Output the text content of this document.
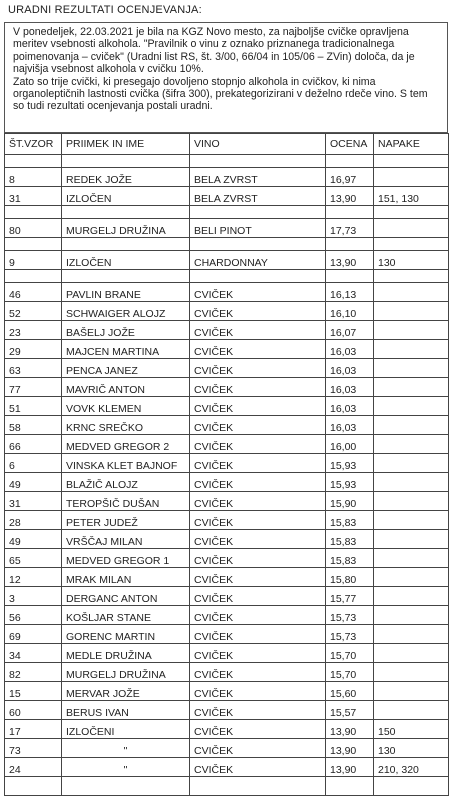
URADNI REZULTATI OCENJEVANJA:
V ponedeljek, 22.03.2021 je bila na KGZ Novo mesto, za najboljše cvičke opravljena meritev vsebnosti alkohola. "Pravilnik o vinu z oznako priznanega tradicionalnega poimenovanja – cviček" (Uradni list RS, št. 3/00, 66/04 in 105/06 – ZVin) določa, da je najvišja vsebnost alkohola v cvičku 10%.
Zato so trije cvički, ki presegajo dovoljeno stopnjo alkohola in cvičkov, ki nima organoleptičnih lastnosti cvička (šifra 300), prekategorizirani v deželno rdeče vino. S tem so tudi rezultati ocenjevanja postali uradni.
ŠT.VZOR	PRIIMEK IN IME	VINO	OCENA	NAPAKE

8	REDEK JOŽE	BELA ZVRST	16,97	
31	IZLOČEN	BELA ZVRST	13,90	151, 130

80	MURGELJ DRUŽINA	BELI PINOT	17,73	

9	IZLOČEN	CHARDONNAY	13,90	130

46	PAVLIN BRANE	CVIČEK	16,13	
52	SCHWAIGER ALOJZ	CVIČEK	16,10	
23	BAŠELJ JOŽE	CVIČEK	16,07	
29	MAJCEN MARTINA	CVIČEK	16,03	
63	PENCA JANEZ	CVIČEK	16,03	
77	MAVRIČ ANTON	CVIČEK	16,03	
51	VOVK KLEMEN	CVIČEK	16,03	
58	KRNC SREČKO	CVIČEK	16,03	
66	MEDVED GREGOR 2	CVIČEK	16,00	
6	VINSKA KLET BAJNOF	CVIČEK	15,93	
49	BLAŽIČ ALOJZ	CVIČEK	15,93	
31	TEROPŠIČ DUŠAN	CVIČEK	15,90	
28	PETER JUDEŽ	CVIČEK	15,83	
49	VRŠČAJ MILAN	CVIČEK	15,83	
65	MEDVED GREGOR 1	CVIČEK	15,83	
12	MRAK MILAN	CVIČEK	15,80	
3	DERGANC ANTON	CVIČEK	15,77	
56	KOŠLJAR STANE	CVIČEK	15,73	
69	GORENC MARTIN	CVIČEK	15,73	
34	MEDLE DRUŽINA	CVIČEK	15,70	
82	MURGELJ DRUŽINA	CVIČEK	15,70	
15	MERVAR JOŽE	CVIČEK	15,60	
60	BERUS IVAN	CVIČEK	15,57	
17	IZLOČENI	CVIČEK	13,90	150
73	"	CVIČEK	13,90	130
24	"	CVIČEK	13,90	210, 320
